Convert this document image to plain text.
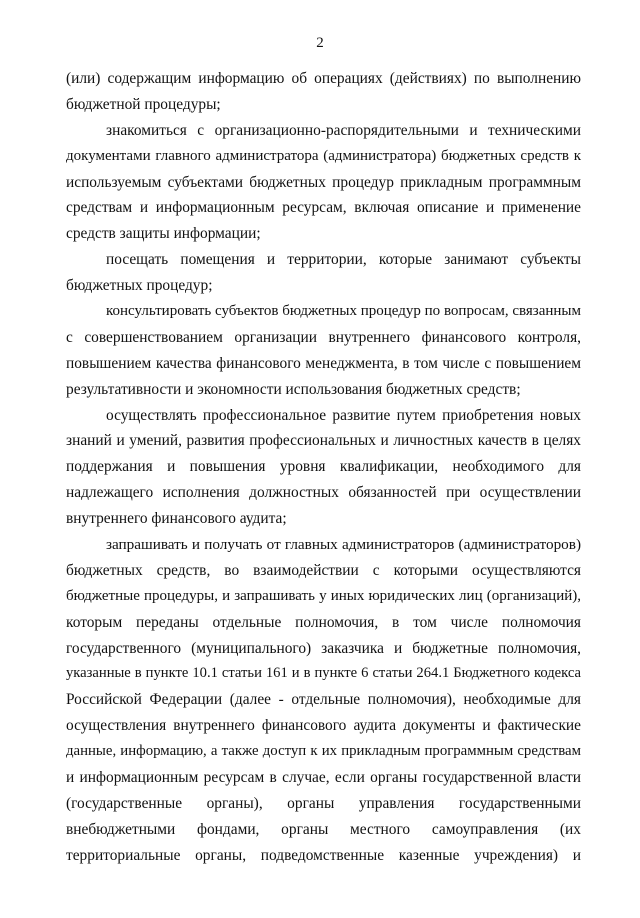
2
(или) содержащим информацию об операциях (действиях) по выполнению
бюджетной процедуры;
знакомиться с организационно-распорядительными и техническими
документами главного администратора (администратора) бюджетных средств к
используемым субъектами бюджетных процедур прикладным программным
средствам и информационным ресурсам, включая описание и применение
средств защиты информации;
посещать помещения и территории, которые занимают субъекты
бюджетных процедур;
консультировать субъектов бюджетных процедур по вопросам, связанным
с совершенствованием организации внутреннего финансового контроля,
повышением качества финансового менеджмента, в том числе с повышением
результативности и экономности использования бюджетных средств;
осуществлять профессиональное развитие путем приобретения новых
знаний и умений, развития профессиональных и личностных качеств в целях
поддержания и повышения уровня квалификации, необходимого для
надлежащего исполнения должностных обязанностей при осуществлении
внутреннего финансового аудита;
запрашивать и получать от главных администраторов (администраторов)
бюджетных средств, во взаимодействии с которыми осуществляются
бюджетные процедуры, и запрашивать у иных юридических лиц (организаций),
которым переданы отдельные полномочия, в том числе полномочия
государственного (муниципального) заказчика и бюджетные полномочия,
указанные в пункте 10.1 статьи 161 и в пункте 6 статьи 264.1 Бюджетного кодекса
Российской Федерации (далее - отдельные полномочия), необходимые для
осуществления внутреннего финансового аудита документы и фактические
данные, информацию, а также доступ к их прикладным программным средствам
и информационным ресурсам в случае, если органы государственной власти
(государственные органы), органы управления государственными
внебюджетными фондами, органы местного самоуправления (их
территориальные органы, подведомственные казенные учреждения) и
